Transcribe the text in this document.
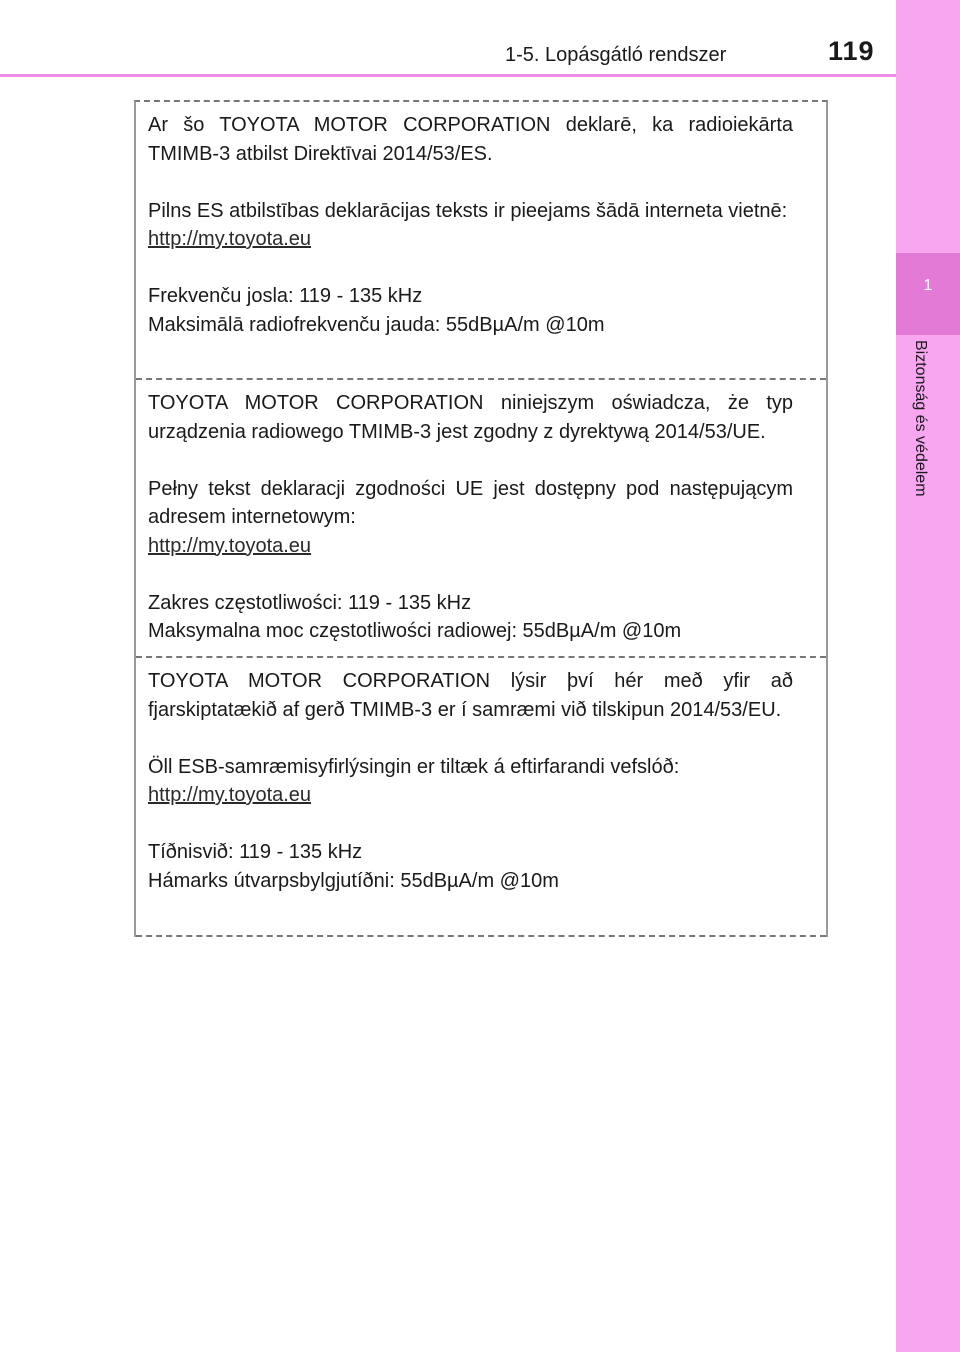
1-5. Lopásgátló rendszer	119
1
Biztonság és védelem

Ar šo TOYOTA MOTOR CORPORATION deklarē, ka radioiekārta TMIMB-3 atbilst Direktīvai 2014/53/ES.

Pilns ES atbilstības deklarācijas teksts ir pieejams šādā interneta vietnē:

http://my.toyota.eu

Frekvenču josla: 119 - 135 kHz

Maksimālā radiofrekvenču jauda: 55dBµA/m @10m

TOYOTA MOTOR CORPORATION niniejszym oświadcza, że typ urządzenia radiowego TMIMB-3 jest zgodny z dyrektywą 2014/53/UE.

Pełny tekst deklaracji zgodności UE jest dostępny pod następującym adresem internetowym:

http://my.toyota.eu

Zakres częstotliwości: 119 - 135 kHz

Maksymalna moc częstotliwości radiowej: 55dBµA/m @10m

TOYOTA MOTOR CORPORATION lýsir því hér með yfir að fjarskiptatækið af gerð TMIMB-3 er í samræmi við tilskipun 2014/53/EU.

Öll ESB-samræmisyfirlýsingin er tiltæk á eftirfarandi vefslóð:

http://my.toyota.eu

Tíðnisvið: 119 - 135 kHz

Hámarks útvarpsbylgjutíðni: 55dBµA/m @10m
